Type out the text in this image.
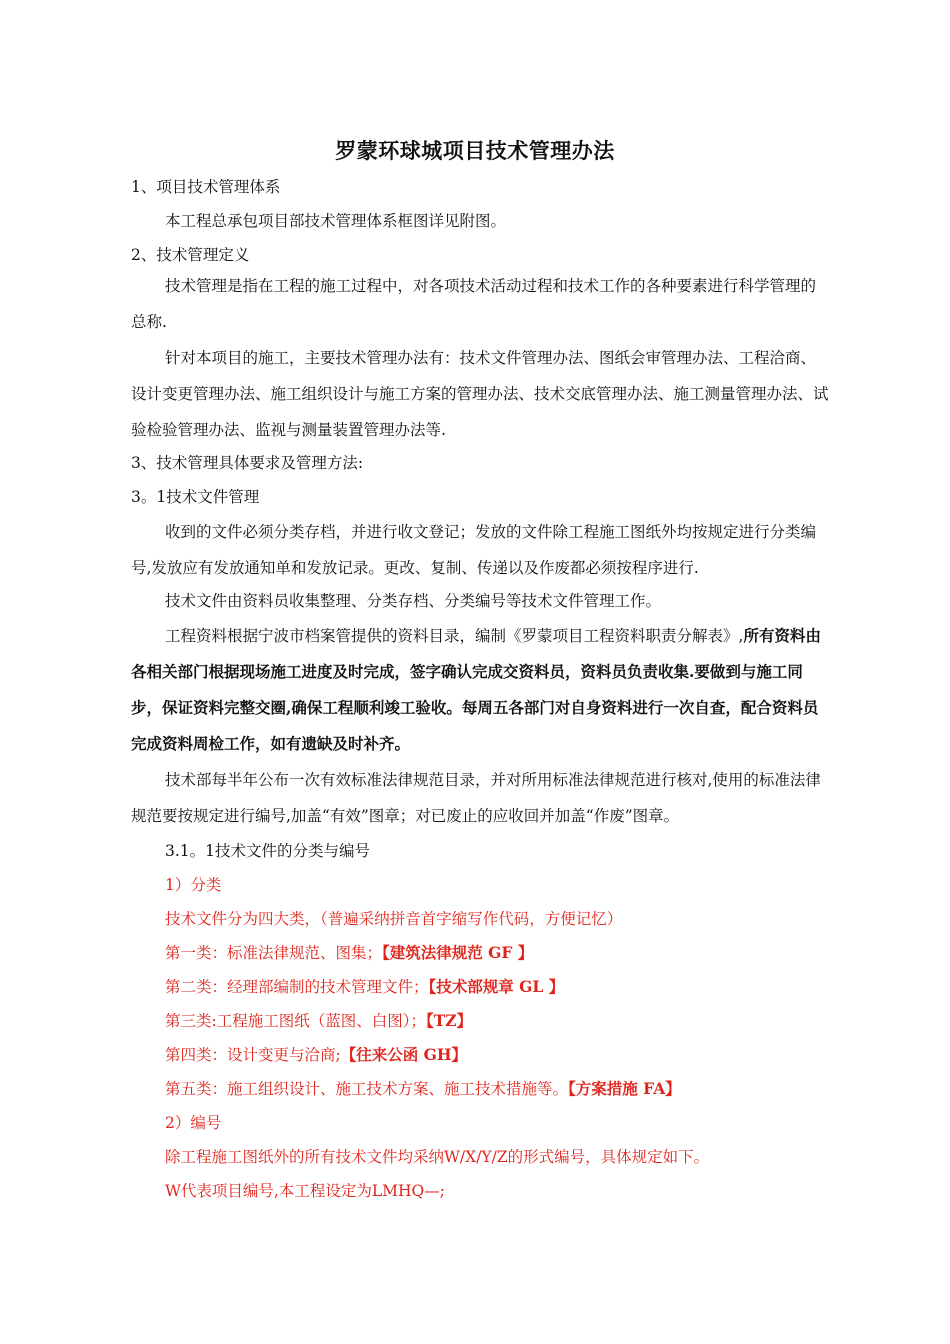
罗蒙环球城项目技术管理办法

1、项目技术管理体系

本工程总承包项目部技术管理体系框图详见附图。

2、技术管理定义

技术管理是指在工程的施工过程中，对各项技术活动过程和技术工作的各种要素进行科学管理的总称.

针对本项目的施工，主要技术管理办法有：技术文件管理办法、图纸会审管理办法、工程洽商、设计变更管理办法、施工组织设计与施工方案的管理办法、技术交底管理办法、施工测量管理办法、试验检验管理办法、监视与测量装置管理办法等.

3、技术管理具体要求及管理方法:

3。1技术文件管理

收到的文件必须分类存档，并进行收文登记；发放的文件除工程施工图纸外均按规定进行分类编号,发放应有发放通知单和发放记录。更改、复制、传递以及作废都必须按程序进行.

技术文件由资料员收集整理、分类存档、分类编号等技术文件管理工作。

工程资料根据宁波市档案管提供的资料目录，编制《罗蒙项目工程资料职责分解表》,所有资料由各相关部门根据现场施工进度及时完成，签字确认完成交资料员，资料员负责收集.要做到与施工同步，保证资料完整交圈,确保工程顺利竣工验收。每周五各部门对自身资料进行一次自查，配合资料员完成资料周检工作，如有遗缺及时补齐。

技术部每半年公布一次有效标准法律规范目录，并对所用标准法律规范进行核对,使用的标准法律规范要按规定进行编号,加盖“有效”图章；对已废止的应收回并加盖“作废”图章。

3.1。1技术文件的分类与编号

1）分类

技术文件分为四大类，（普遍采纳拼音首字缩写作代码，方便记忆）

第一类：标准法律规范、图集；【建筑法律规范 GF 】

第二类：经理部编制的技术管理文件；【技术部规章 GL 】

第三类:工程施工图纸（蓝图、白图）；【TZ】

第四类：设计变更与洽商;【往来公函 GH】

第五类：施工组织设计、施工技术方案、施工技术措施等。【方案措施 FA】

2）编号

除工程施工图纸外的所有技术文件均采纳W/X/Y/Z的形式编号，具体规定如下。

W代表项目编号,本工程设定为LMHQ—;
